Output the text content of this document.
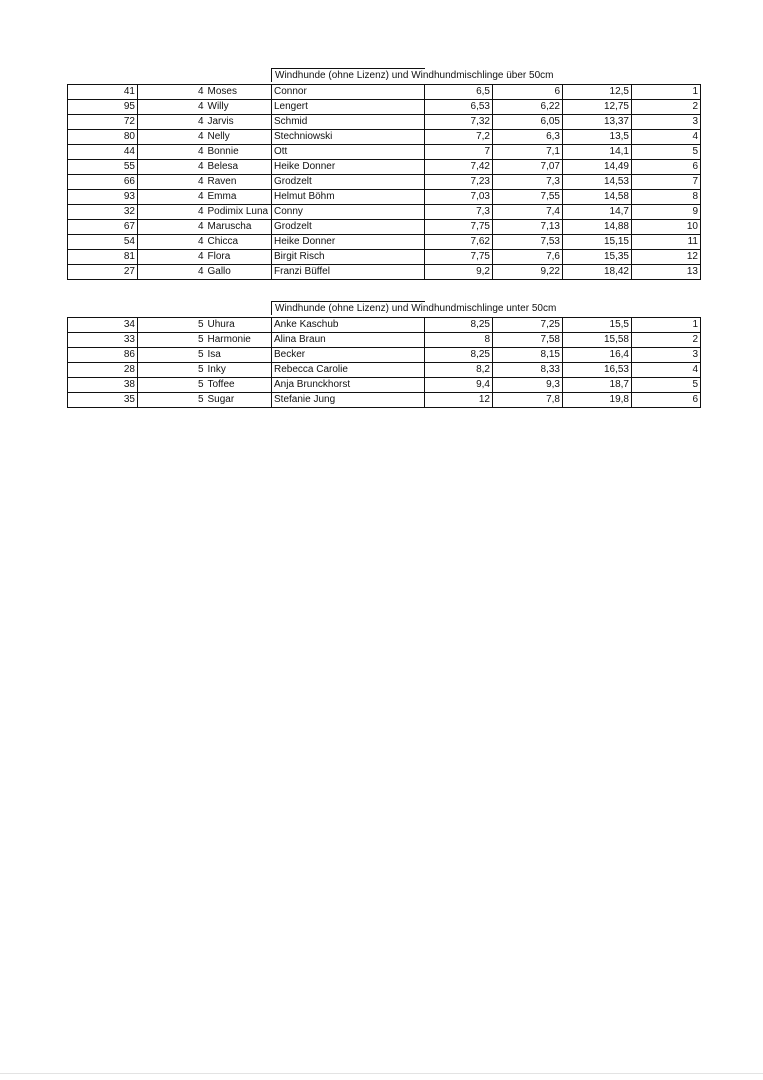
Windhunde (ohne Lizenz) und Windhundmischlinge über 50cm
41	4	Moses	Connor	6,5	6	12,5	1
95	4	Willy	Lengert	6,53	6,22	12,75	2
72	4	Jarvis	Schmid	7,32	6,05	13,37	3
80	4	Nelly	Stechniowski	7,2	6,3	13,5	4
44	4	Bonnie	Ott	7	7,1	14,1	5
55	4	Belesa	Heike Donner	7,42	7,07	14,49	6
66	4	Raven	Grodzelt	7,23	7,3	14,53	7
93	4	Emma	Helmut Böhm	7,03	7,55	14,58	8
32	4	Podimix Luna	Conny	7,3	7,4	14,7	9
67	4	Maruscha	Grodzelt	7,75	7,13	14,88	10
54	4	Chicca	Heike Donner	7,62	7,53	15,15	11
81	4	Flora	Birgit Risch	7,75	7,6	15,35	12
27	4	Gallo	Franzi Büffel	9,2	9,22	18,42	13
Windhunde (ohne Lizenz) und Windhundmischlinge unter 50cm
34	5	Uhura	Anke Kaschub	8,25	7,25	15,5	1
33	5	Harmonie	Alina Braun	8	7,58	15,58	2
86	5	Isa	Becker	8,25	8,15	16,4	3
28	5	Inky	Rebecca Carolie	8,2	8,33	16,53	4
38	5	Toffee	Anja Brunckhorst	9,4	9,3	18,7	5
35	5	Sugar	Stefanie Jung	12	7,8	19,8	6
